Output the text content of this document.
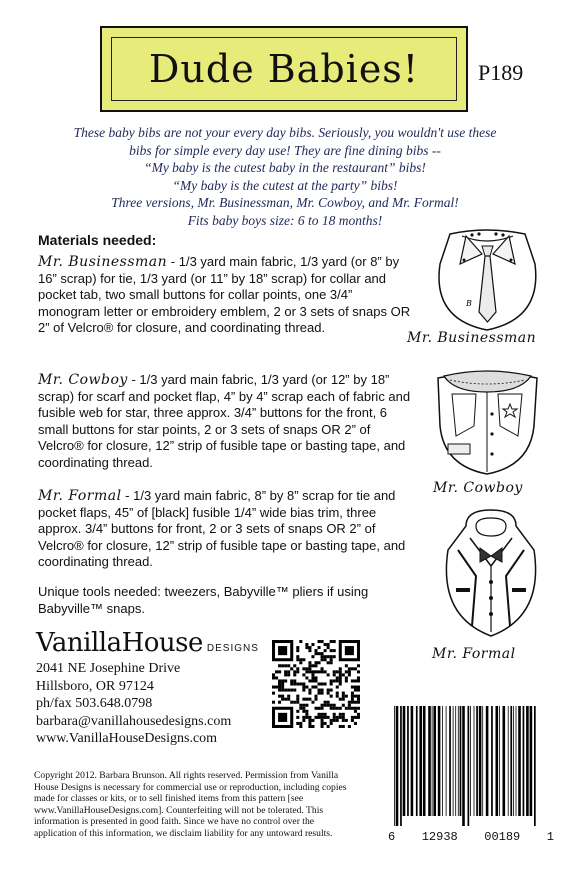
Dude Babies!	P189
These baby bibs are not your every day bibs. Seriously, you wouldn't use these
bibs for simple every day use! They are fine dining bibs --
“My baby is the cutest baby in the restaurant” bibs!
“My baby is the cutest at the party” bibs!
Three versions, Mr. Businessman, Mr. Cowboy, and Mr. Formal!
Fits baby boys size: 6 to 18 months!
Materials needed:
Mr. Businessman - 1/3 yard main fabric, 1/3 yard (or 8” by 16” scrap) for tie, 1/3 yard (or 11” by 18” scrap) for collar and pocket tab, two small buttons for collar points, one 3/4” monogram letter or embroidery emblem, 2 or 3 sets of snaps OR 2” of Velcro® for closure, and coordinating thread.
Mr. Cowboy - 1/3 yard main fabric, 1/3 yard (or 12” by 18” scrap) for scarf and pocket flap, 4” by 4” scrap each of fabric and fusible web for star, three approx. 3/4” buttons for the front, 6 small buttons for star points, 2 or 3 sets of snaps OR 2” of Velcro® for closure, 12” strip of fusible tape or basting tape, and coordinating thread.
Mr. Formal - 1/3 yard main fabric, 8” by 8” scrap for tie and pocket flaps, 45” of [black] fusible 1/4” wide bias trim, three approx. 3/4” buttons for front, 2 or 3 sets of snaps OR 2” of Velcro® for closure, 12” strip of fusible tape or basting tape, and coordinating thread.
Unique tools needed: tweezers, Babyville™ pliers if using Babyville™ snaps.
B
Mr. Businessman
Mr. Cowboy
Mr. Formal
VanillaHouse DESIGNS
2041 NE Josephine Drive
Hillsboro, OR 97124
ph/fax 503.648.0798
barbara@vanillahousedesigns.com
www.VanillaHouseDesigns.com
Copyright 2012. Barbara Brunson. All rights reserved. Permission from Vanilla House Designs is necessary for commercial use or reproduction, including copies made for classes or kits, or to sell finished items from this pattern [see www.VanillaHouseDesigns.com]. Counterfeiting will not be tolerated. This information is presented in good faith. Since we have no control over the application of this information, we disclaim liability for any untoward results.	6 12938 00189 1
